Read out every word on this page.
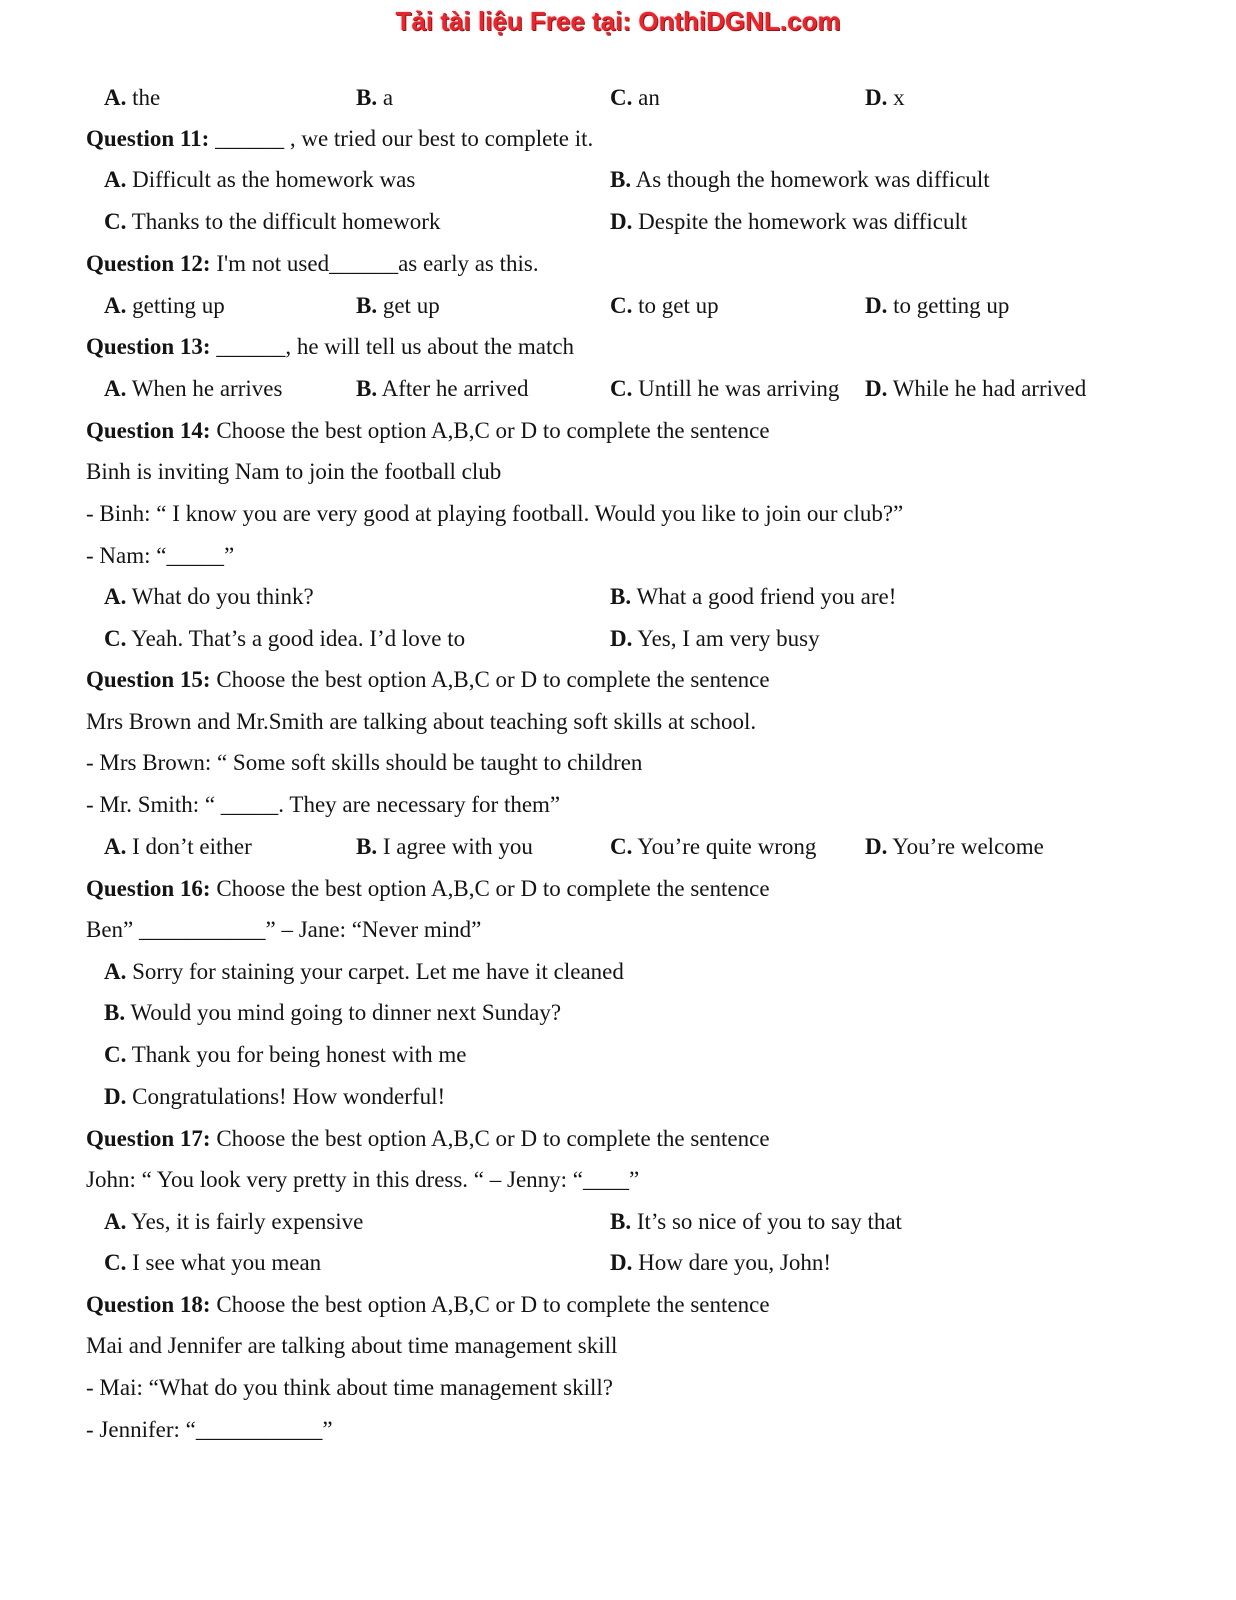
Tải tài liệu Free tại: OnthiDGNL.com
A. the	B. a	C. an	D. x
Question 11: ______ , we tried our best to complete it.
A. Difficult as the homework was	B. As though the homework was difficult
C. Thanks to the difficult homework	D. Despite the homework was difficult
Question 12: I'm not used______as early as this.
A. getting up	B. get up	C. to get up	D. to getting up
Question 13: ______, he will tell us about the match
A. When he arrives	B. After he arrived	C. Untill he was arriving D. While he had arrived
Question 14: Choose the best option A,B,C or D to complete the sentence
Binh is inviting Nam to join the football club
- Binh: “ I know you are very good at playing football. Would you like to join our club?”
- Nam: “_____”
A. What do you think?	B. What a good friend you are!
C. Yeah. That’s a good idea. I’d love to	D. Yes, I am very busy
Question 15: Choose the best option A,B,C or D to complete the sentence
Mrs Brown and Mr.Smith are talking about teaching soft skills at school.
- Mrs Brown: “ Some soft skills should be taught to children
- Mr. Smith: “ _____. They are necessary for them”
A. I don’t either	B. I agree with you	C. You’re quite wrong D. You’re welcome
Question 16: Choose the best option A,B,C or D to complete the sentence
Ben” ___________” – Jane: “Never mind”
A. Sorry for staining your carpet. Let me have it cleaned
B. Would you mind going to dinner next Sunday?
C. Thank you for being honest with me
D. Congratulations! How wonderful!
Question 17: Choose the best option A,B,C or D to complete the sentence
John: “ You look very pretty in this dress. “ – Jenny: “____”
A. Yes, it is fairly expensive	B. It’s so nice of you to say that
C. I see what you mean	D. How dare you, John!
Question 18: Choose the best option A,B,C or D to complete the sentence
Mai and Jennifer are talking about time management skill
- Mai: “What do you think about time management skill?
- Jennifer: “___________”
